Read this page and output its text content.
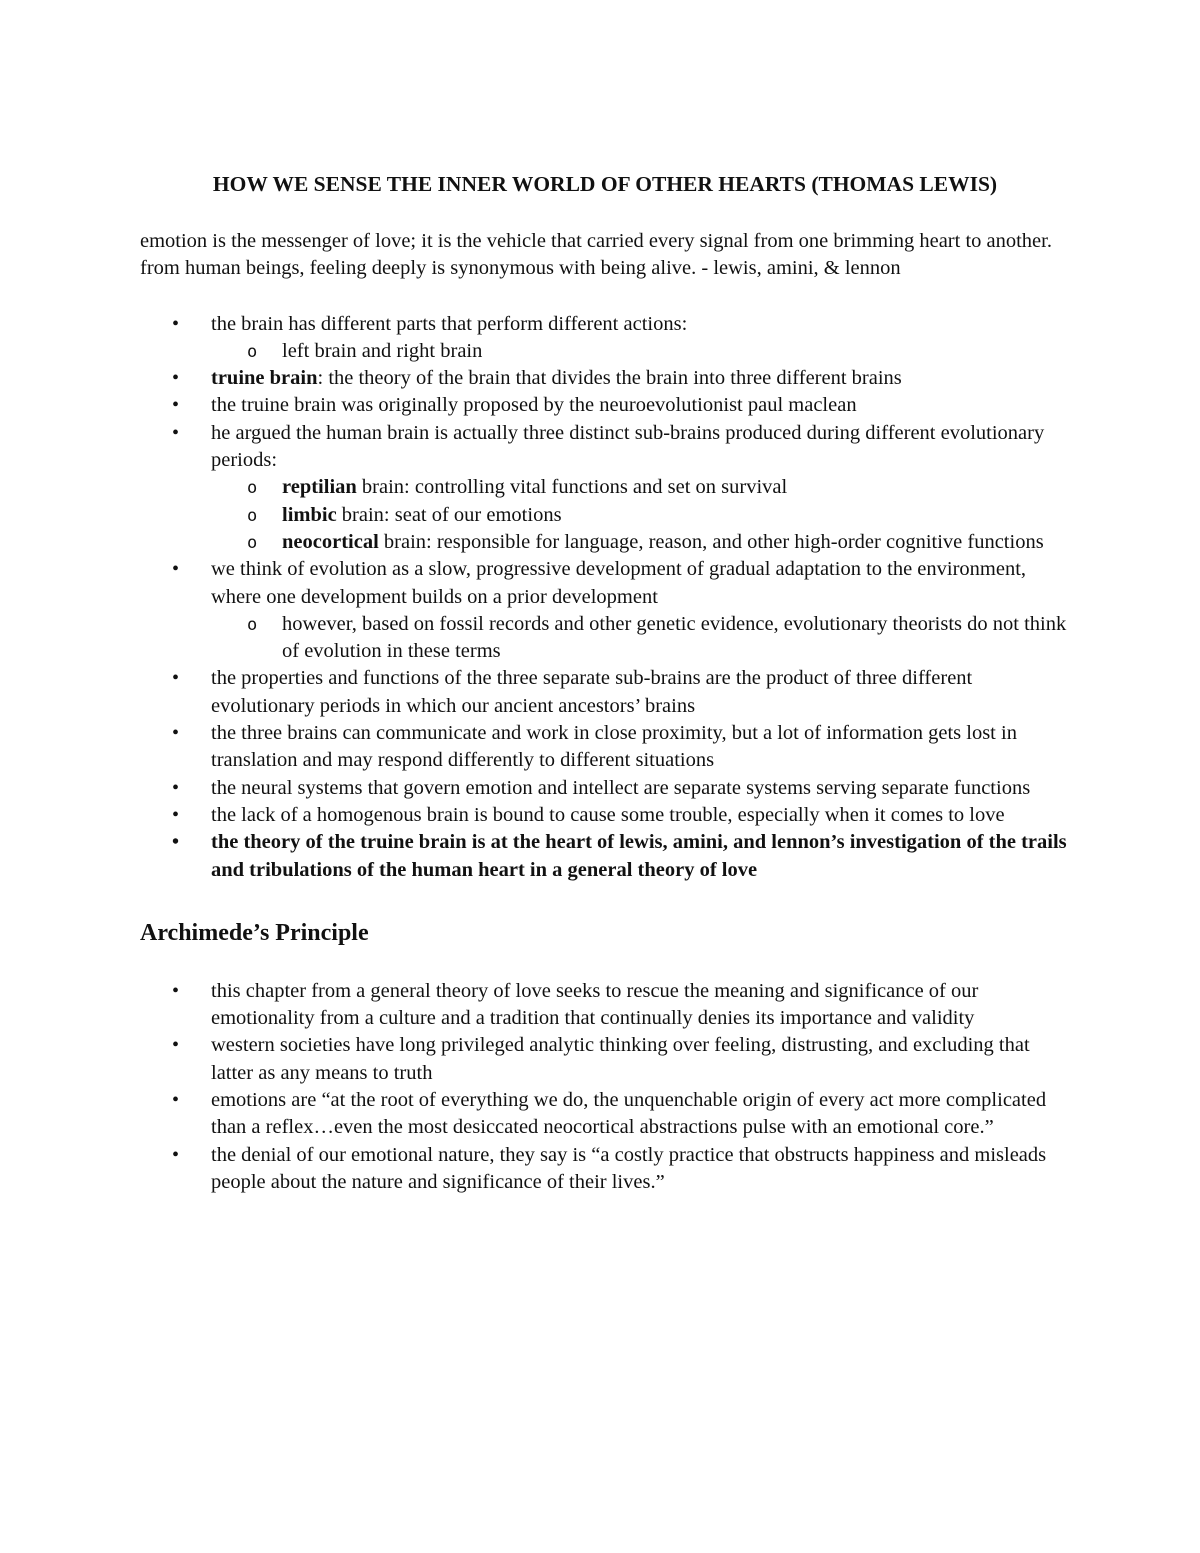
HOW WE SENSE THE INNER WORLD OF OTHER HEARTS (THOMAS LEWIS)

emotion is the messenger of love; it is the vehicle that carried every signal from one brimming heart to another. from human beings, feeling deeply is synonymous with being alive. - lewis, amini, & lennon

• the brain has different parts that perform different actions:
o left brain and right brain
• truine brain: the theory of the brain that divides the brain into three different brains
• the truine brain was originally proposed by the neuroevolutionist paul maclean
• he argued the human brain is actually three distinct sub-brains produced during different evolutionary periods:
o reptilian brain: controlling vital functions and set on survival
o limbic brain: seat of our emotions
o neocortical brain: responsible for language, reason, and other high-order cognitive functions
• we think of evolution as a slow, progressive development of gradual adaptation to the environment, where one development builds on a prior development
o however, based on fossil records and other genetic evidence, evolutionary theorists do not think of evolution in these terms
• the properties and functions of the three separate sub-brains are the product of three different evolutionary periods in which our ancient ancestors’ brains
• the three brains can communicate and work in close proximity, but a lot of information gets lost in translation and may respond differently to different situations
• the neural systems that govern emotion and intellect are separate systems serving separate functions
• the lack of a homogenous brain is bound to cause some trouble, especially when it comes to love
• the theory of the truine brain is at the heart of lewis, amini, and lennon’s investigation of the trails and tribulations of the human heart in a general theory of love
Archimede’s Principle
• this chapter from a general theory of love seeks to rescue the meaning and significance of our emotionality from a culture and a tradition that continually denies its importance and validity
• western societies have long privileged analytic thinking over feeling, distrusting, and excluding that latter as any means to truth
• emotions are “at the root of everything we do, the unquenchable origin of every act more complicated than a reflex…even the most desiccated neocortical abstractions pulse with an emotional core.”
• the denial of our emotional nature, they say is “a costly practice that obstructs happiness and misleads people about the nature and significance of their lives.”
